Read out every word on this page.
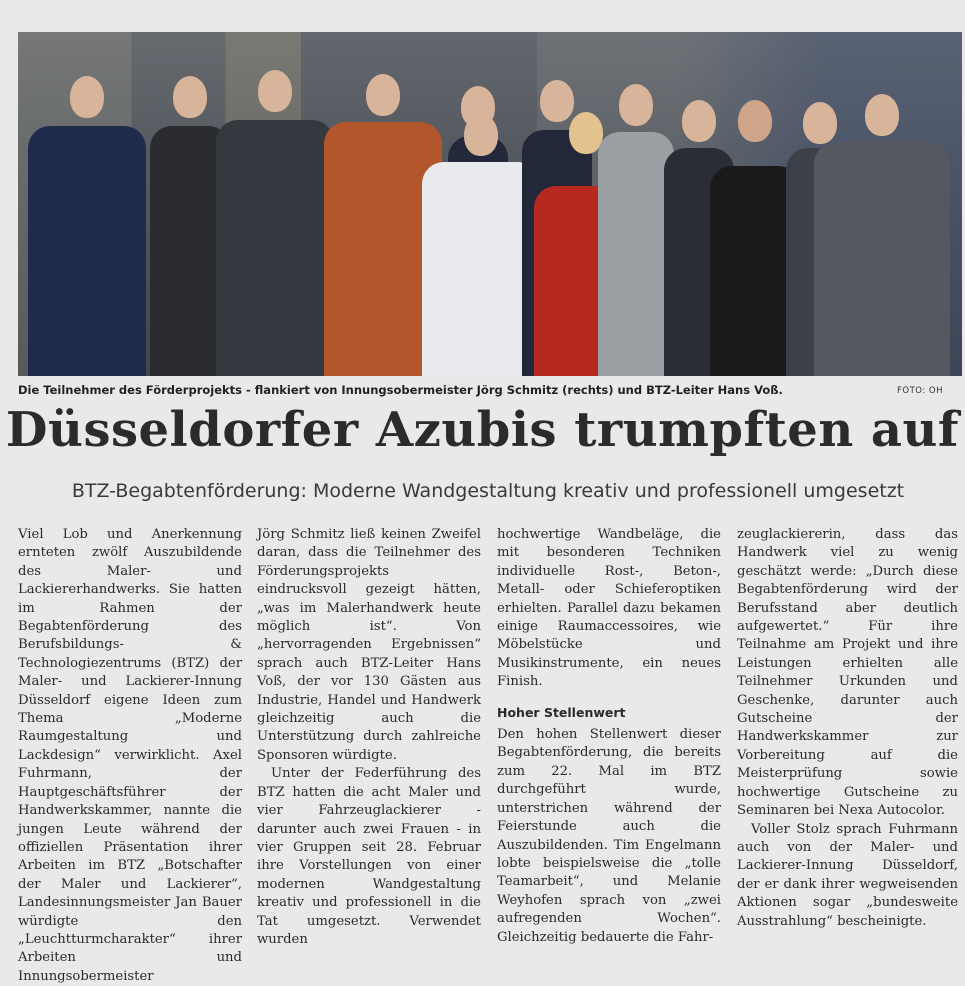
Die Teilnehmer des Förderprojekts - flankiert von Innungsobermeister Jörg Schmitz (rechts) und BTZ-Leiter Hans Voß.	FOTO: OH
Düsseldorfer Azubis trumpften auf
BTZ-Begabtenförderung: Moderne Wandgestaltung kreativ und professionell umgesetzt

Viel Lob und Anerkennung ernteten zwölf Auszubildende des Maler- und Lackiererhandwerks. Sie hatten im Rahmen der Begabtenförderung des Berufsbildungs- & Technologiezentrums (BTZ) der Maler- und Lackierer-Innung Düsseldorf eigene Ideen zum Thema „Moderne Raumgestaltung und Lackdesign“ verwirklicht. Axel Fuhrmann, der Hauptgeschäftsführer der Handwerkskammer, nannte die jungen Leute während der offiziellen Präsentation ihrer Arbeiten im BTZ „Botschafter der Maler und Lackierer“, Landesinnungsmeister Jan Bauer würdigte den „Leuchtturmcharakter“ ihrer Arbeiten und Innungsobermeister

Jörg Schmitz ließ keinen Zweifel daran, dass die Teilnehmer des Förderungsprojekts eindrucksvoll gezeigt hätten, „was im Malerhandwerk heute möglich ist“. Von „hervorragenden Ergebnissen“ sprach auch BTZ-Leiter Hans Voß, der vor 130 Gästen aus Industrie, Handel und Handwerk gleichzeitig auch die Unterstützung durch zahlreiche Sponsoren würdigte.

Unter der Federführung des BTZ hatten die acht Maler und vier Fahrzeuglackierer - darunter auch zwei Frauen - in vier Gruppen seit 28. Februar ihre Vorstellungen von einer modernen Wandgestaltung kreativ und professionell in die Tat umgesetzt. Verwendet wurden

hochwertige Wandbeläge, die mit besonderen Techniken individuelle Rost-, Beton-, Metall- oder Schieferoptiken erhielten. Parallel dazu bekamen einige Raumaccessoires, wie Möbelstücke und Musikinstrumente, ein neues Finish.

Hoher Stellenwert

Den hohen Stellenwert dieser Begabtenförderung, die bereits zum 22. Mal im BTZ durchgeführt wurde, unterstrichen während der Feierstunde auch die Auszubildenden. Tim Engelmann lobte beispielsweise die „tolle Teamarbeit“, und Melanie Weyhofen sprach von „zwei aufregenden Wochen“. Gleichzeitig bedauerte die Fahr-

zeuglackiererin, dass das Handwerk viel zu wenig geschätzt werde: „Durch diese Begabtenförderung wird der Berufsstand aber deutlich aufgewertet.“ Für ihre Teilnahme am Projekt und ihre Leistungen erhielten alle Teilnehmer Urkunden und Geschenke, darunter auch Gutscheine der Handwerkskammer zur Vorbereitung auf die Meisterprüfung sowie hochwertige Gutscheine zu Seminaren bei Nexa Autocolor.

Voller Stolz sprach Fuhrmann auch von der Maler- und Lackierer-Innung Düsseldorf, der er dank ihrer wegweisenden Aktionen sogar „bundesweite Ausstrahlung“ bescheinigte.
